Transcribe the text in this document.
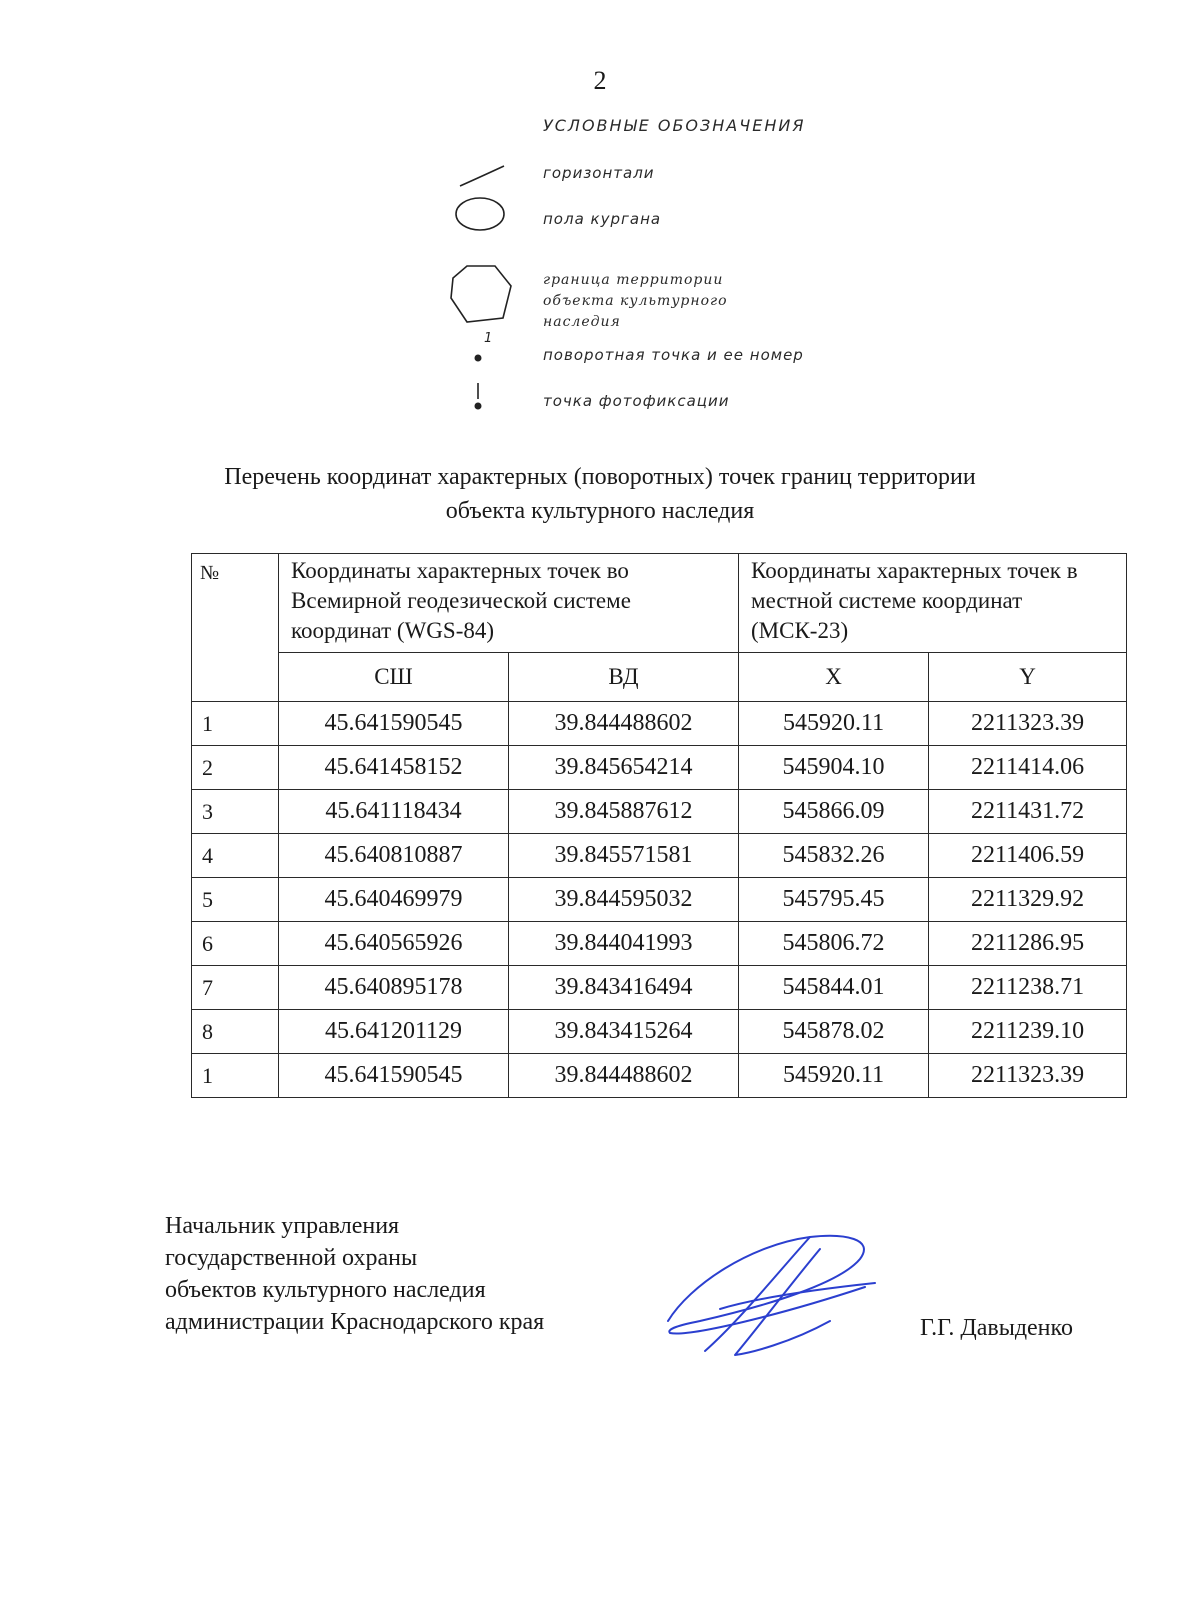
2
УСЛОВНЫЕ ОБОЗНАЧЕНИЯ
горизонтали
пола кургана
граница территории объекта культурного наследия
1
поворотная точка и ее номер
точка фотофиксации
Перечень координат характерных (поворотных) точек границ территории
объекта культурного наследия
№	Координаты характерных точек во Всемирной геодезической системе координат (WGS-84)		Координаты характерных точек в местной системе координат (МСК-23)	
	СШ	ВД	X	Y
1	45.641590545	39.844488602	545920.11	2211323.39
2	45.641458152	39.845654214	545904.10	2211414.06
3	45.641118434	39.845887612	545866.09	2211431.72
4	45.640810887	39.845571581	545832.26	2211406.59
5	45.640469979	39.844595032	545795.45	2211329.92
6	45.640565926	39.844041993	545806.72	2211286.95
7	45.640895178	39.843416494	545844.01	2211238.71
8	45.641201129	39.843415264	545878.02	2211239.10
1	45.641590545	39.844488602	545920.11	2211323.39
Начальник управления
государственной охраны
объектов культурного наследия
администрации Краснодарского края	Г.Г. Давыденко
